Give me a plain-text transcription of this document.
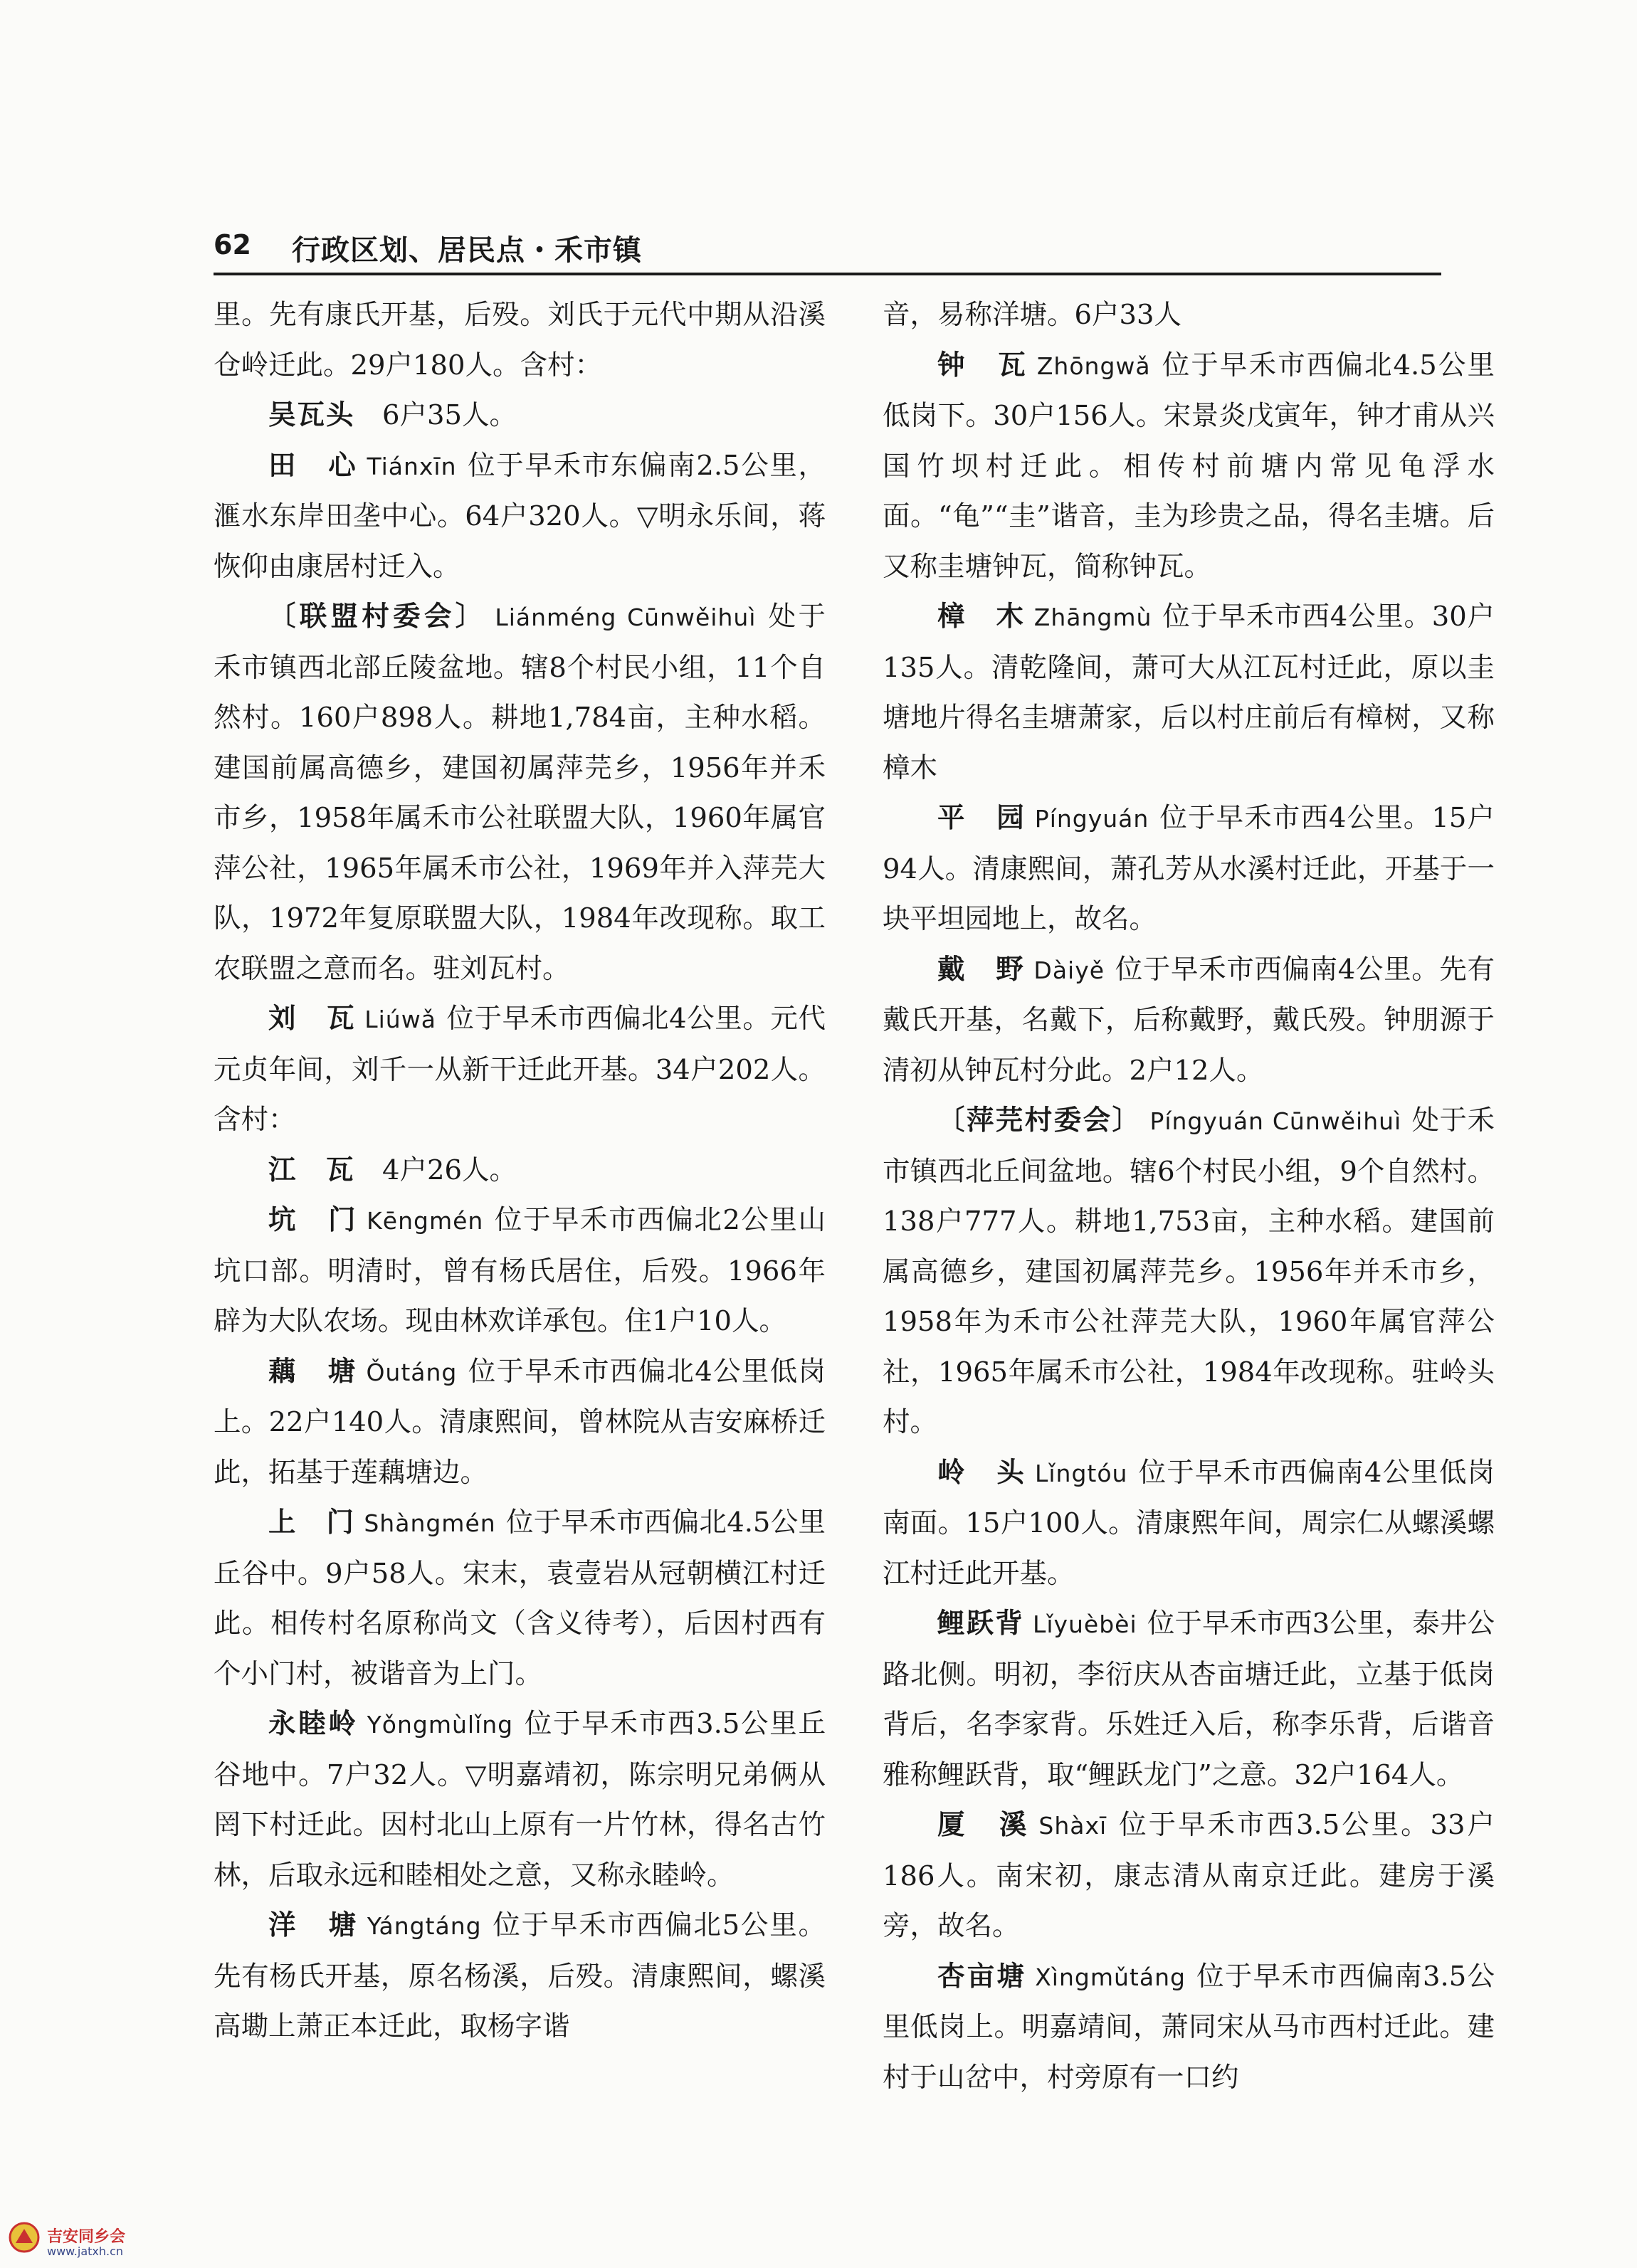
62 行政区划、居民点・禾市镇

里。先有康氏开基，后殁。刘氏于元代中期从沿溪仓岭迁此。29户180人。含村：

吴瓦头　 6户35人。

田　心 Tiánxīn 位于早禾市东偏南2.5公里，滙水东岸田垄中心。64户320人。▽明永乐间，蒋恢仰由康居村迁入。

〔联盟村委会〕 Liánméng Cūnwěihuì 处于禾市镇西北部丘陵盆地。辖8个村民小组，11个自然村。160户898人。耕地1,784亩，主种水稻。建国前属高德乡，建国初属萍芫乡，1956年并禾市乡，1958年属禾市公社联盟大队，1960年属官萍公社，1965年属禾市公社，1969年并入萍芫大队，1972年复原联盟大队，1984年改现称。取工农联盟之意而名。驻刘瓦村。

刘　瓦 Liúwǎ 位于早禾市西偏北4公里。元代元贞年间，刘千一从新干迁此开基。34户202人。含村：

江　瓦　 4户26人。

坑　门 Kēngmén 位于早禾市西偏北2公里山坑口部。明清时，曾有杨氏居住，后殁。1966年辟为大队农场。现由林欢详承包。住1户10人。

藕　塘 Ǒutáng 位于早禾市西偏北4公里低岗上。22户140人。清康熙间，曾林院从吉安麻桥迁此，拓基于莲藕塘边。

上　门 Shàngmén 位于早禾市西偏北4.5公里丘谷中。9户58人。宋末，袁壹岩从冠朝横江村迁此。相传村名原称尚文（含义待考），后因村西有个小门村，被谐音为上门。

永睦岭 Yǒngmùlǐng 位于早禾市西3.5公里丘谷地中。7户32人。▽明嘉靖初，陈宗明兄弟俩从罔下村迁此。因村北山上原有一片竹林，得名古竹林，后取永远和睦相处之意，又称永睦岭。

洋　塘 Yángtáng 位于早禾市西偏北5公里。先有杨氏开基，原名杨溪，后殁。清康熙间，螺溪高墈上萧正本迁此，取杨字谐

音，易称洋塘。6户33人

钟　瓦 Zhōngwǎ 位于早禾市西偏北4.5公里低岗下。30户156人。宋景炎戊寅年，钟才甫从兴国竹坝村迁此。相传村前塘内常见龟浮水面。“龟”“圭”谐音，圭为珍贵之品，得名圭塘。后又称圭塘钟瓦，简称钟瓦。

樟　木 Zhāngmù 位于早禾市西4公里。30户135人。清乾隆间，萧可大从江瓦村迁此，原以圭塘地片得名圭塘萧家，后以村庄前后有樟树，又称樟木

平　园 Píngyuán 位于早禾市西4公里。15户94人。清康熙间，萧孔芳从水溪村迁此，开基于一块平坦园地上，故名。

戴　野 Dàiyě 位于早禾市西偏南4公里。先有戴氏开基，名戴下，后称戴野，戴氏殁。钟朋源于清初从钟瓦村分此。2户12人。

〔萍芫村委会〕 Píngyuán Cūnwěihuì 处于禾市镇西北丘间盆地。辖6个村民小组，9个自然村。138户777人。耕地1,753亩，主种水稻。建国前属高德乡，建国初属萍芫乡。1956年并禾市乡，1958年为禾市公社萍芫大队，1960年属官萍公社，1965年属禾市公社，1984年改现称。驻岭头村。

岭　头 Lǐngtóu 位于早禾市西偏南4公里低岗南面。15户100人。清康熙年间，周宗仁从螺溪螺江村迁此开基。

鲤跃背 Lǐyuèbèi 位于早禾市西3公里，泰井公路北侧。明初，李衍庆从杏亩塘迁此，立基于低岗背后，名李家背。乐姓迁入后，称李乐背，后谐音雅称鲤跃背，取“鲤跃龙门”之意。32户164人。

厦　溪 Shàxī 位于早禾市西3.5公里。33户186人。南宋初，康志清从南京迁此。建房于溪旁，故名。

杏亩塘 Xìngmǔtáng 位于早禾市西偏南3.5公里低岗上。明嘉靖间，萧同宋从马市西村迁此。建村于山岔中，村旁原有一口约

吉安同乡会
www.jatxh.cn
